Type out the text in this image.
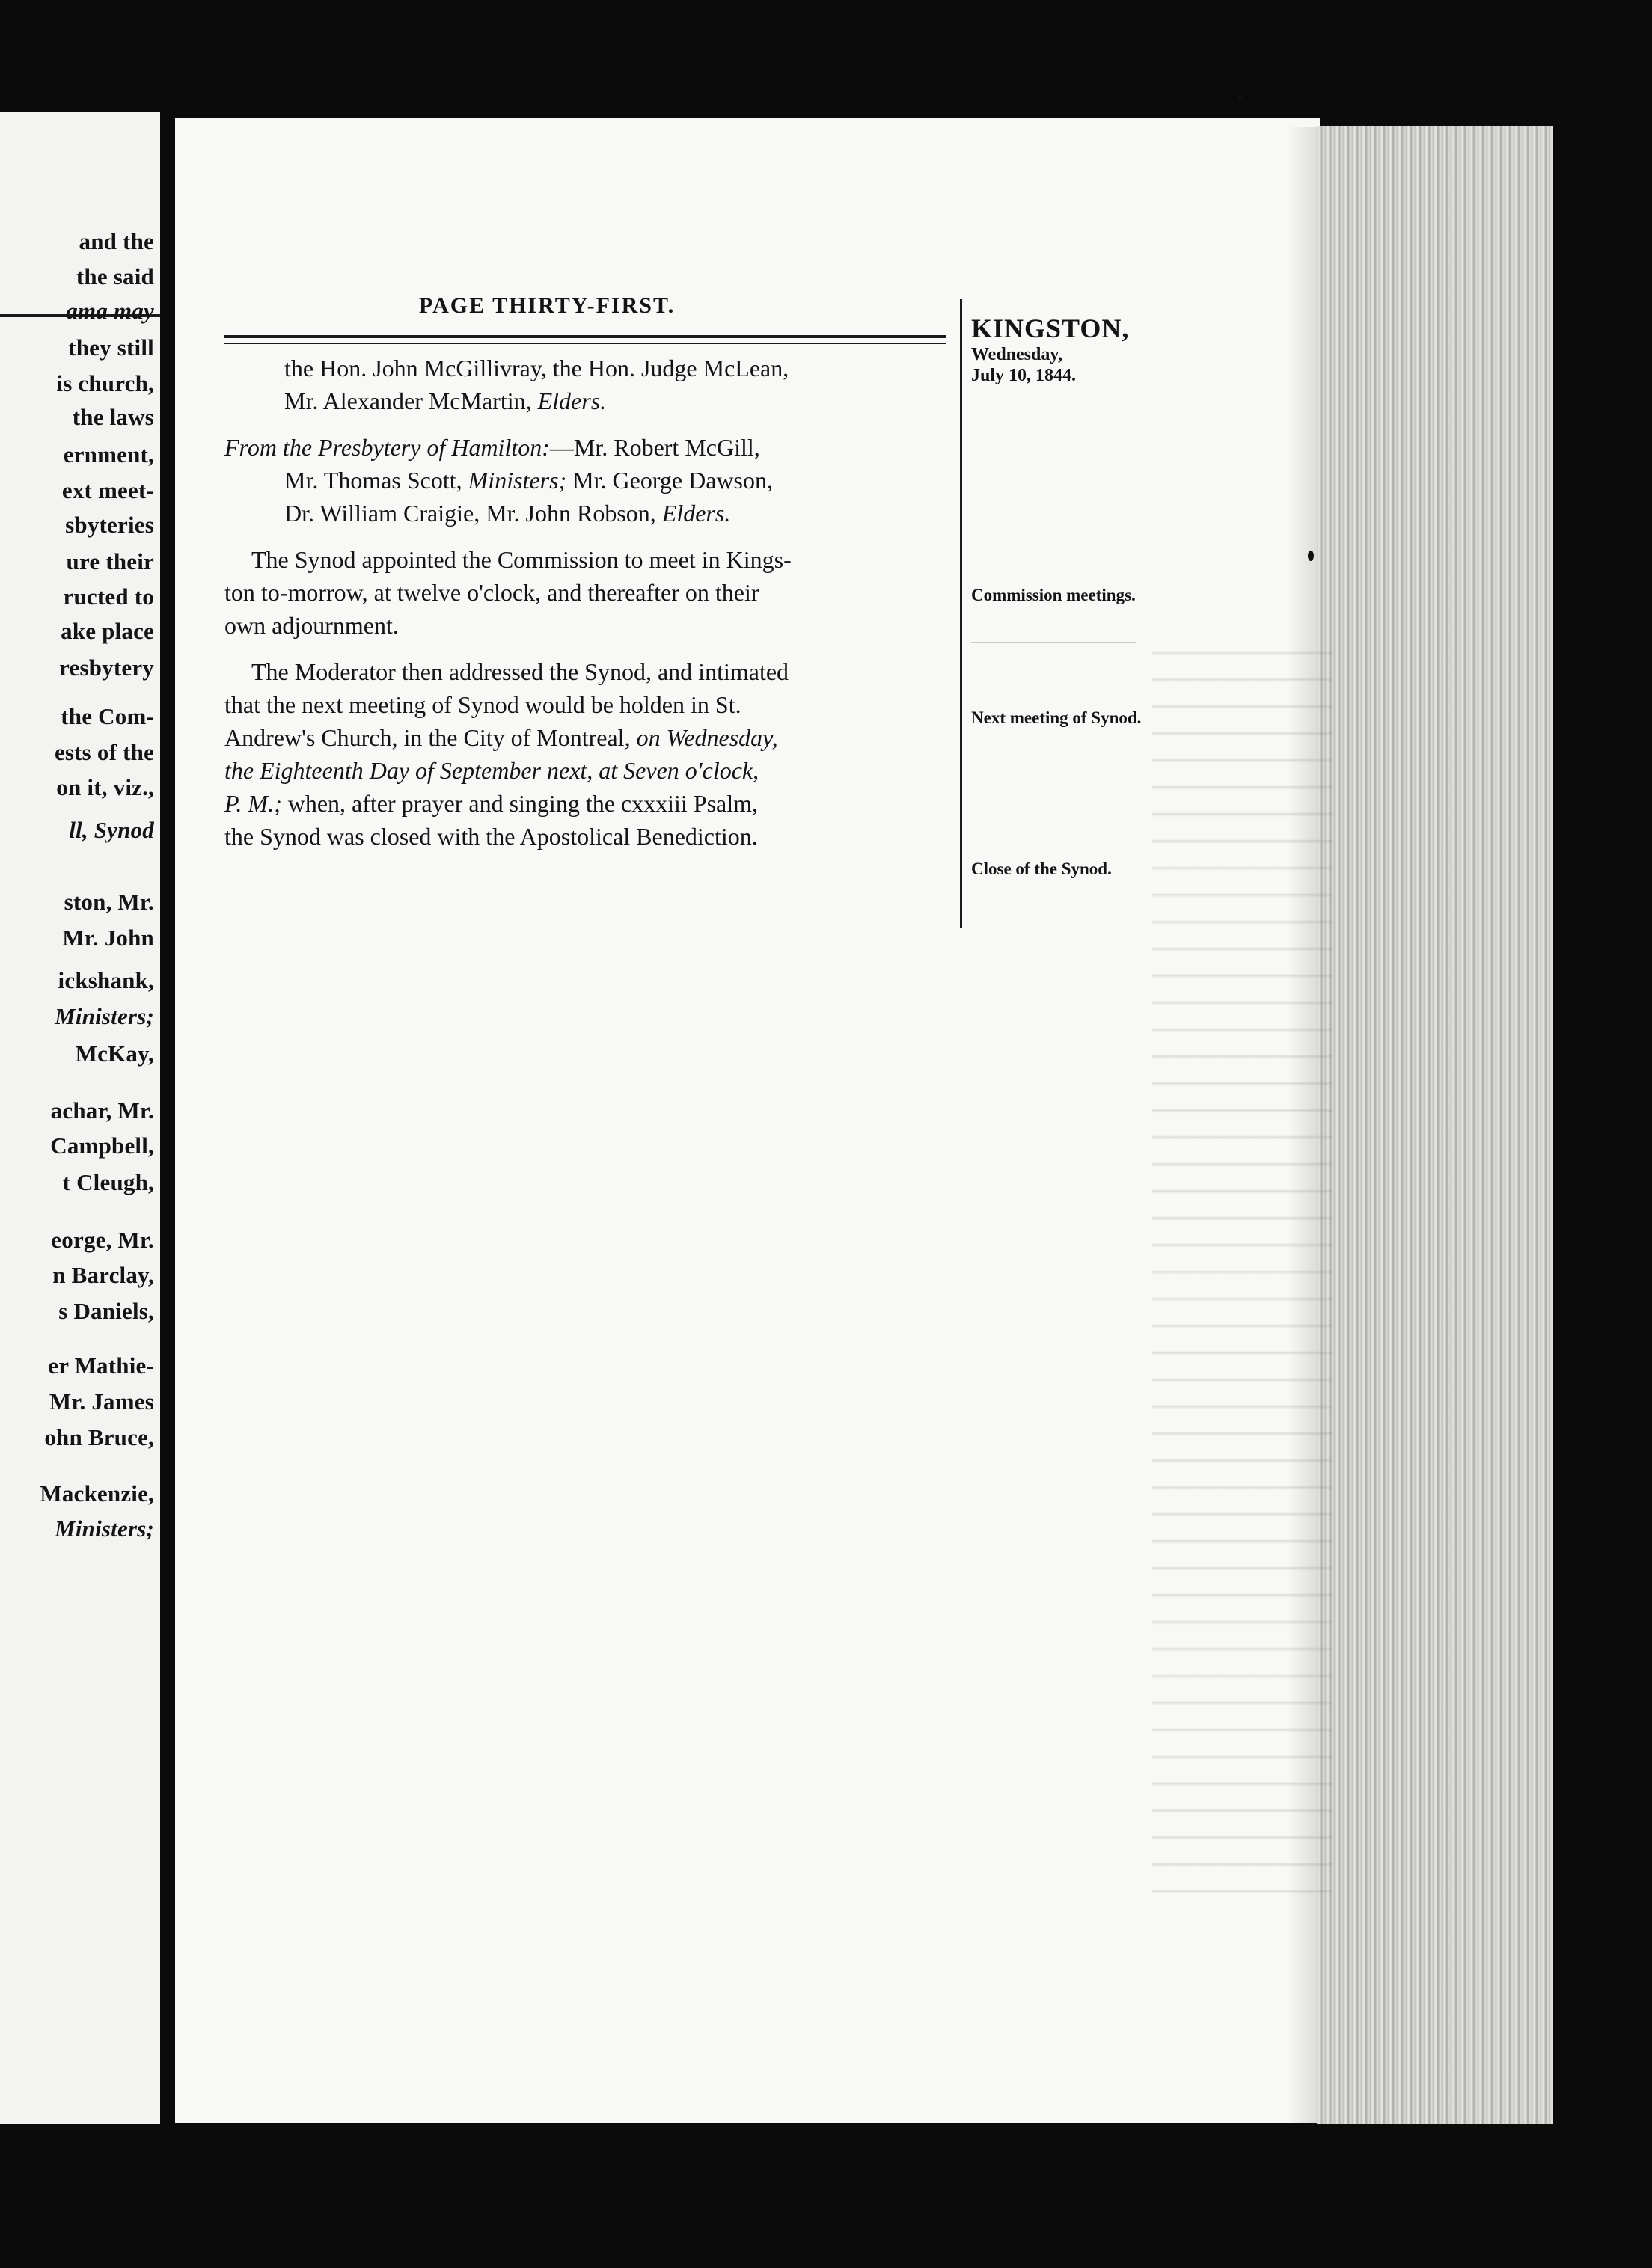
and the
the said
ama may
they still
is church,
the laws
ernment,
ext meet-
sbyteries
ure their
ructed to
ake place
resbytery
the Com-
ests of the
on it, viz.,
ll, Synod
ston, Mr.
Mr. John
ickshank,
Ministers;
McKay,
achar, Mr.
Campbell,
t Cleugh,
eorge, Mr.
n Barclay,
s Daniels,
er Mathie-
Mr. James
ohn Bruce,
Mackenzie,
Ministers;
PAGE THIRTY-FIRST.
KINGSTON,
Wednesday,
July 10, 1844.
Commission meetings.
Next meeting of Synod.
Close of the Synod.

the Hon. John McGillivray, the Hon. Judge McLean,
Mr. Alexander McMartin, Elders.

From the Presbytery of Hamilton:—Mr. Robert McGill,
Mr. Thomas Scott, Ministers; Mr. George Dawson,
Dr. William Craigie, Mr. John Robson, Elders.

The Synod appointed the Commission to meet in Kings-
ton to-morrow, at twelve o'clock, and thereafter on their
own adjournment.

The Moderator then addressed the Synod, and intimated
that the next meeting of Synod would be holden in St.
Andrew's Church, in the City of Montreal, on Wednesday,
the Eighteenth Day of September next, at Seven o'clock,
P. M.; when, after prayer and singing the cxxxiii Psalm,
the Synod was closed with the Apostolical Benediction.
